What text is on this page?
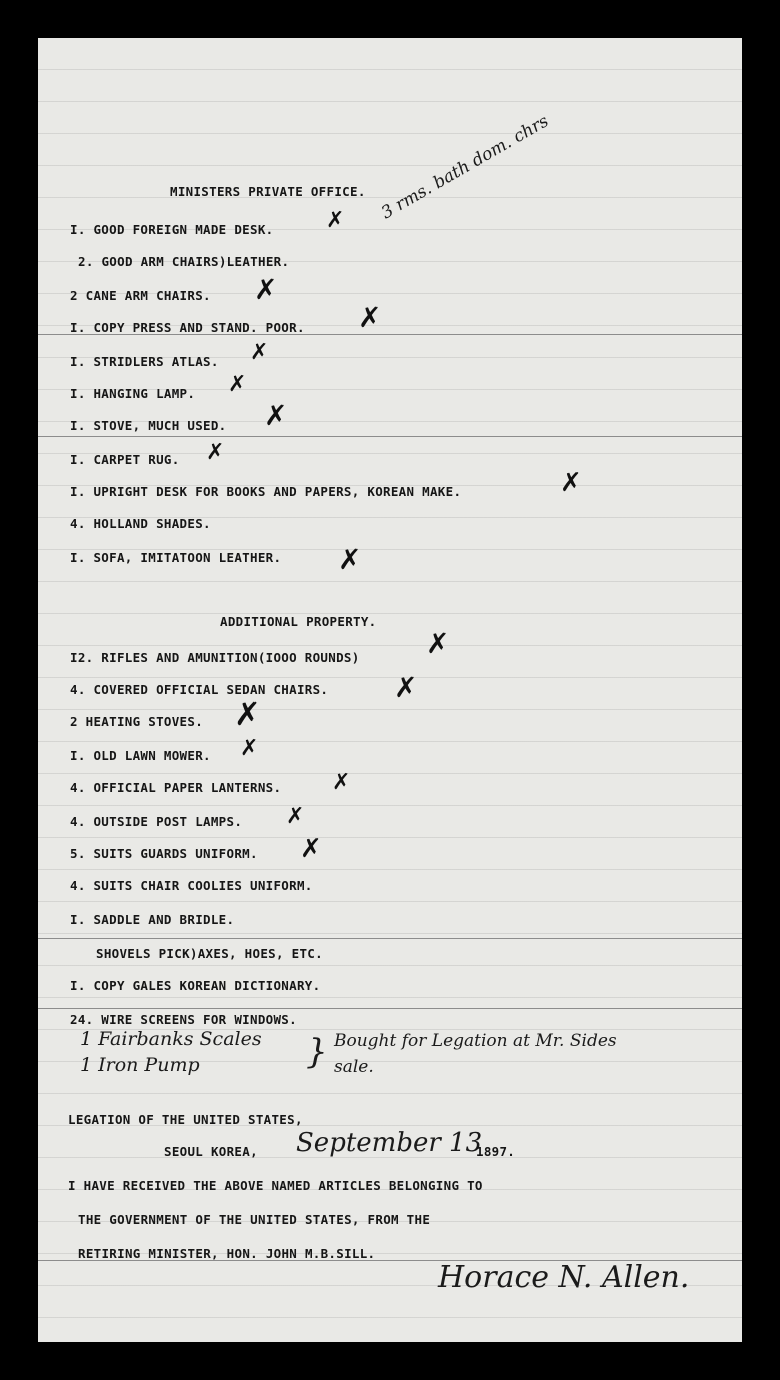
MINISTERS PRIVATE OFFICE. 3 rms. bath dom. chrs
I. GOOD FOREIGN MADE DESK.
2. GOOD ARM CHAIRS)LEATHER.
2 CANE ARM CHAIRS.
I. COPY PRESS AND STAND. POOR.
I. STRIDLERS ATLAS.
I. HANGING LAMP.
I. STOVE, MUCH USED.
I. CARPET RUG.
I. UPRIGHT DESK FOR BOOKS AND PAPERS, KOREAN MAKE.
4. HOLLAND SHADES.
I. SOFA, IMITATOON LEATHER.
✗
✗
✗
✗
✗
✗
✗
✗
✗
ADDITIONAL PROPERTY.
I2. RIFLES AND AMUNITION(IOOO ROUNDS)
4. COVERED OFFICIAL SEDAN CHAIRS.
2 HEATING STOVES.
I. OLD LAWN MOWER.
4. OFFICIAL PAPER LANTERNS.
4. OUTSIDE POST LAMPS.
5. SUITS GUARDS UNIFORM.
4. SUITS CHAIR COOLIES UNIFORM.
I. SADDLE AND BRIDLE.
SHOVELS PICK)AXES, HOES, ETC.
I. COPY GALES KOREAN DICTIONARY.
24. WIRE SCREENS FOR WINDOWS.
✗
✗
✗
✗
✗
✗
✗
1 Fairbanks Scales
1 Iron Pump	} Bought for Legation at Mr. Sides sale.
LEGATION OF THE UNITED STATES,
SEOUL KOREA, September 13
1897.
I HAVE RECEIVED THE ABOVE NAMED ARTICLES BELONGING TO
THE GOVERNMENT OF THE UNITED STATES, FROM THE
RETIRING MINISTER, HON. JOHN M.B.SILL.
Horace N. Allen.
